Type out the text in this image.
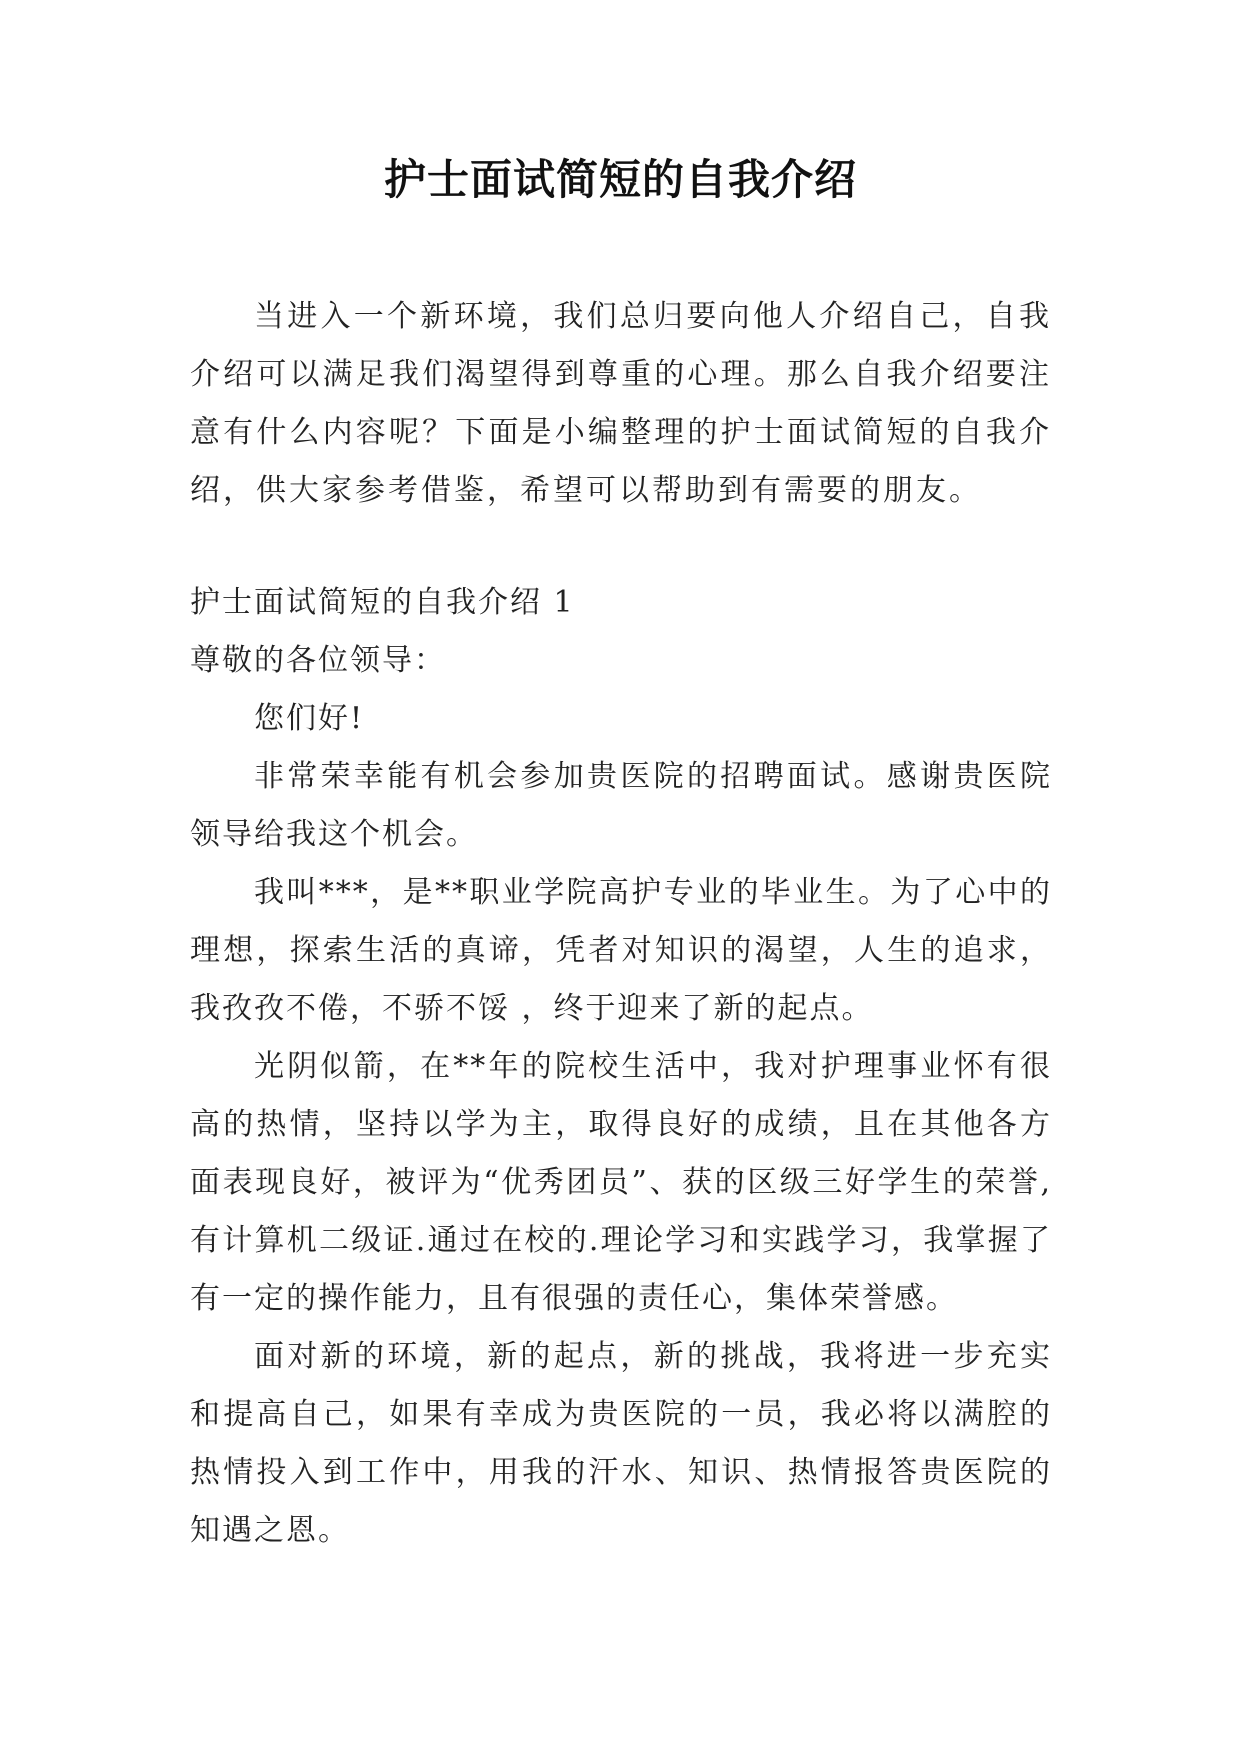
护士面试简短的自我介绍

当进入一个新环境，我们总归要向他人介绍自己，自我介绍可以满足我们渴望得到尊重的心理。那么自我介绍要注意有什么内容呢？下面是小编整理的护士面试简短的自我介绍，供大家参考借鉴，希望可以帮助到有需要的朋友。

护士面试简短的自我介绍 1

尊敬的各位领导：

您们好!

非常荣幸能有机会参加贵医院的招聘面试。感谢贵医院领导给我这个机会。

我叫***，是**职业学院高护专业的毕业生。为了心中的理想，探索生活的真谛，凭者对知识的渴望，人生的追求，我孜孜不倦，不骄不馁 ，终于迎来了新的起点。

光阴似箭，在**年的院校生活中，我对护理事业怀有很高的热情，坚持以学为主，取得良好的成绩，且在其他各方面表现良好，被评为“优秀团员”、获的区级三好学生的荣誉,有计算机二级证.通过在校的.理论学习和实践学习，我掌握了有一定的操作能力，且有很强的责任心，集体荣誉感。

面对新的环境，新的起点，新的挑战，我将进一步充实和提高自己，如果有幸成为贵医院的一员，我必将以满腔的热情投入到工作中，用我的汗水、知识、热情报答贵医院的知遇之恩。
